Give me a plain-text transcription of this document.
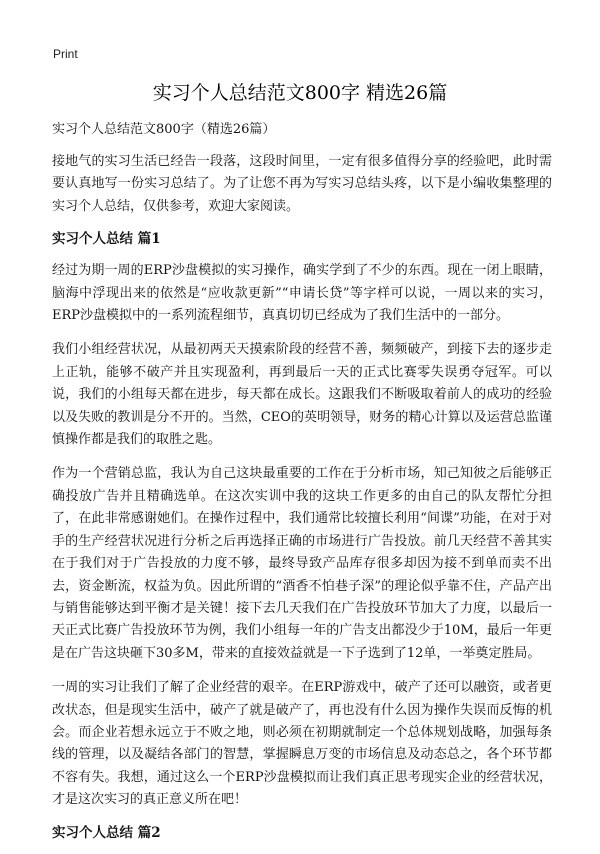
Print
实习个人总结范文800字 精选26篇
实习个人总结范文800字（精选26篇）

接地气的实习生活已经告一段落，这段时间里，一定有很多值得分享的经验吧，此时需要认真地写一份实习总结了。为了让您不再为写实习总结头疼，以下是小编收集整理的实习个人总结，仅供参考，欢迎大家阅读。

实习个人总结 篇1

经过为期一周的ERP沙盘模拟的实习操作，确实学到了不少的东西。现在一闭上眼睛，脑海中浮现出来的依然是“应收款更新”“申请长贷”等字样可以说，一周以来的实习，ERP沙盘模拟中的一系列流程细节，真真切切已经成为了我们生活中的一部分。

我们小组经营状况，从最初两天天摸索阶段的经营不善，频频破产，到接下去的逐步走上正轨，能够不破产并且实现盈利，再到最后一天的正式比赛零失误勇夺冠军。可以说，我们的小组每天都在进步，每天都在成长。这跟我们不断吸取着前人的成功的经验以及失败的教训是分不开的。当然，CEO的英明领导，财务的精心计算以及运营总监谨慎操作都是我们的取胜之匙。

作为一个营销总监，我认为自己这块最重要的工作在于分析市场，知己知彼之后能够正确投放广告并且精确选单。在这次实训中我的这块工作更多的由自己的队友帮忙分担了，在此非常感谢她们。在操作过程中，我们通常比较擅长利用“间谍”功能，在对于对手的生产经营状况进行分析之后再选择正确的市场进行广告投放。前几天经营不善其实在于我们对于广告投放的力度不够，最终导致产品库存很多却因为接不到单而卖不出去，资金断流，权益为负。因此所谓的“酒香不怕巷子深”的理论似乎靠不住，产品产出与销售能够达到平衡才是关键！接下去几天我们在广告投放环节加大了力度，以最后一天正式比赛广告投放环节为例，我们小组每一年的广告支出都没少于10M，最后一年更是在广告这块砸下30多M，带来的直接效益就是一下子选到了12单，一举奠定胜局。

一周的实习让我们了解了企业经营的艰辛。在ERP游戏中，破产了还可以融资，或者更改状态，但是现实生活中，破产了就是破产了，再也没有什么因为操作失误而反悔的机会。而企业若想永远立于不败之地，则必须在初期就制定一个总体规划战略，加强每条线的管理，以及凝结各部门的智慧，掌握瞬息万变的市场信息及动态总之，各个环节都不容有失。我想，通过这么一个ERP沙盘模拟而让我们真正思考现实企业的经营状况，才是这次实习的真正意义所在吧！

实习个人总结 篇2
